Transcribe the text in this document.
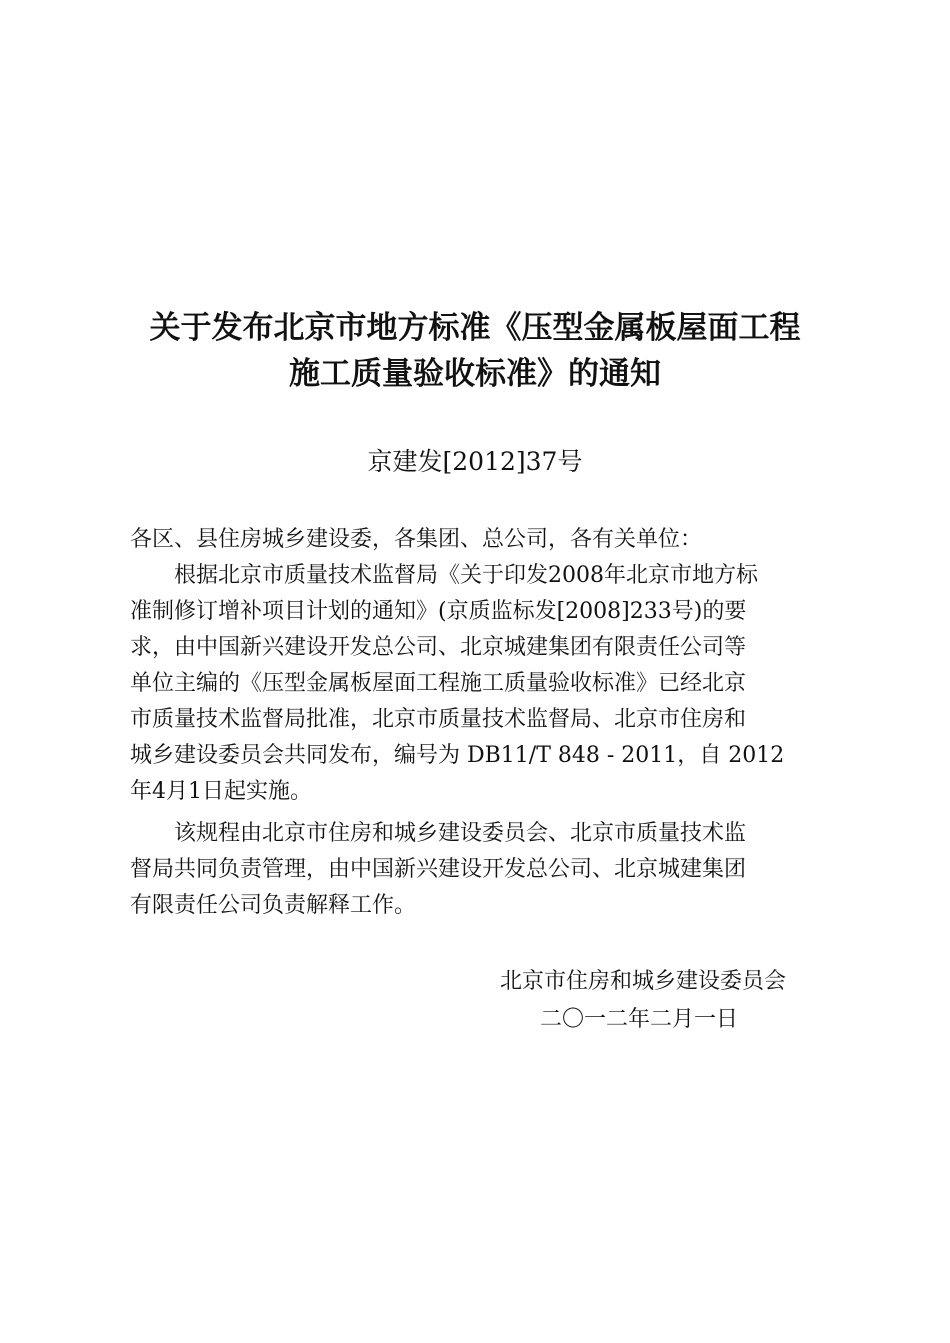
关于发布北京市地方标准《压型金属板屋面工程
施工质量验收标准》的通知
京建发[2012]37号
各区、县住房城乡建设委，各集团、总公司，各有关单位：
根据北京市质量技术监督局《关于印发2008年北京市地方标
准制修订增补项目计划的通知》(京质监标发[2008]233号)的要
求，由中国新兴建设开发总公司、北京城建集团有限责任公司等
单位主编的《压型金属板屋面工程施工质量验收标准》已经北京
市质量技术监督局批准，北京市质量技术监督局、北京市住房和
城乡建设委员会共同发布，编号为 DB11/T 848 - 2011，自 2012
年4月1日起实施。
该规程由北京市住房和城乡建设委员会、北京市质量技术监
督局共同负责管理，由中国新兴建设开发总公司、北京城建集团
有限责任公司负责解释工作。
北京市住房和城乡建设委员会
二〇一二年二月一日
